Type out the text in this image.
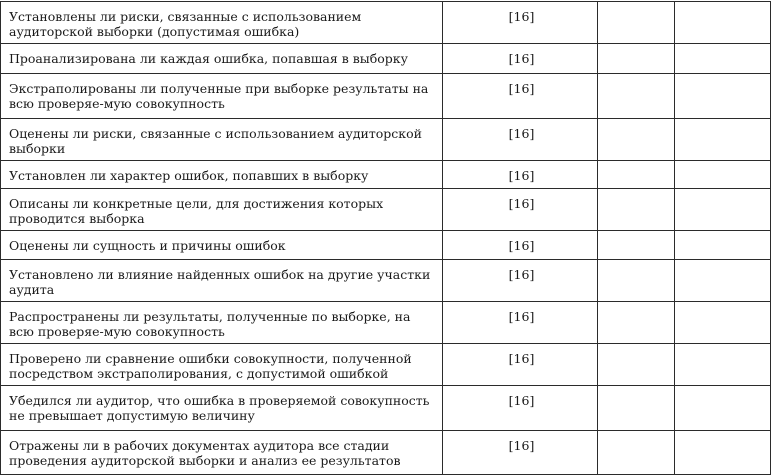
Установлены ли риски, связанные с использованием аудиторской выборки (допустимая ошибка)	[16]		
Проанализирована ли каждая ошибка, попавшая в выборку	[16]		
Экстраполированы ли полученные при выборке результаты на всю проверяе-мую совокупность	[16]		
Оценены ли риски, связанные с использованием аудиторской выборки	[16]		
Установлен ли характер ошибок, попавших в выборку	[16]		
Описаны ли конкретные цели, для достижения которых проводится выборка	[16]		
Оценены ли сущность и причины ошибок	[16]		
Установлено ли влияние найденных ошибок на другие участки аудита	[16]		
Распространены ли результаты, полученные по выборке, на всю проверяе-мую совокупность	[16]		
Проверено ли сравнение ошибки совокупности, полученной посредством экстраполирования, с допустимой ошибкой	[16]		
Убедился ли аудитор, что ошибка в проверяемой совокупность не превышает допустимую величину	[16]		
Отражены ли в рабочих документах аудитора все стадии проведения аудиторской выборки и анализ ее результатов	[16]		
